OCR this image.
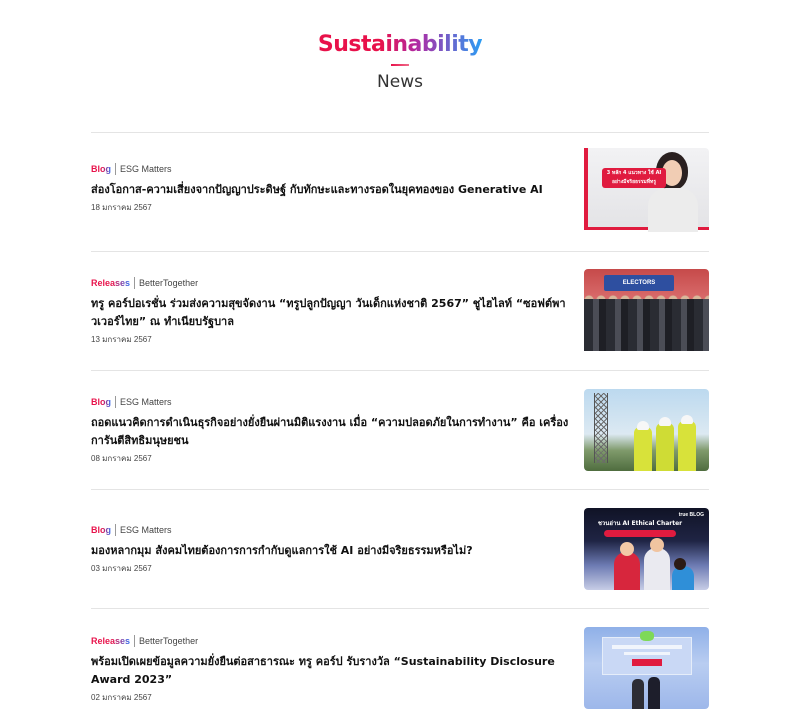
Sustainability
News
Blog ESG Matters
ส่องโอกาส-ความเสี่ยงจากปัญญาประดิษฐ์ กับทักษะและทางรอดในยุคทองของ Generative AI
18 มกราคม 2567
3 หลัก 4 แนวทาง ใช้ AI อย่างมีจริยธรรมที่ทรู
Releases BetterTogether
ทรู คอร์ปอเรชั่น ร่วมส่งความสุขจัดงาน “ทรูปลูกปัญญา วันเด็กแห่งชาติ 2567” ชูไฮไลท์ “ซอฟต์พาวเวอร์ไทย” ณ ทำเนียบรัฐบาล
13 มกราคม 2567
ELECTORS
Blog ESG Matters
ถอดแนวคิดการดำเนินธุรกิจอย่างยั่งยืนผ่านมิติแรงงาน เมื่อ “ความปลอดภัยในการทำงาน” คือ เครื่องการันตีสิทธิมนุษยชน
08 มกราคม 2567
Blog ESG Matters
มองหลากมุม สังคมไทยต้องการการกำกับดูแลการใช้ AI อย่างมีจริยธรรมหรือไม่?
03 มกราคม 2567
true BLOG
ชวนอ่าน AI Ethical Charter
Releases BetterTogether
พร้อมเปิดเผยข้อมูลความยั่งยืนต่อสาธารณะ ทรู คอร์ป รับรางวัล “Sustainability Disclosure Award 2023”
02 มกราคม 2567
